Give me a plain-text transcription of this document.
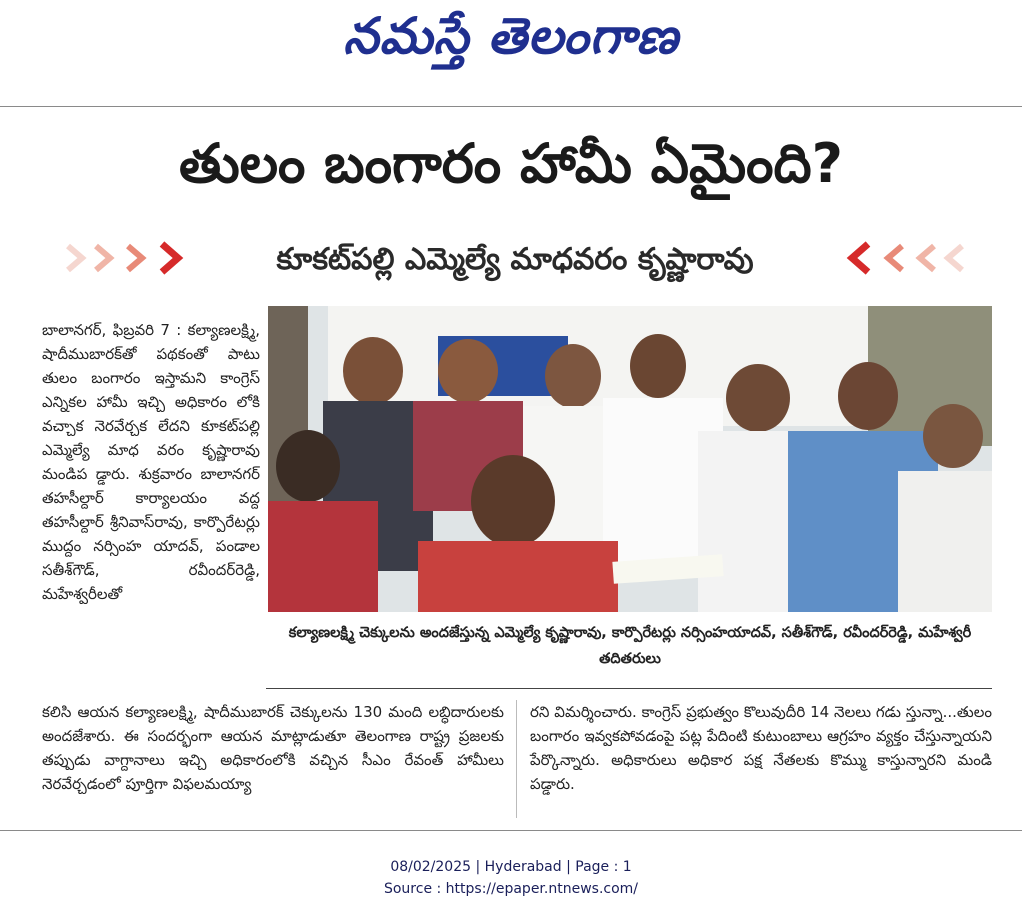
నమస్తే తెలంగాణ
తులం బంగారం హామీ ఏమైంది?
కూకట్‌పల్లి ఎమ్మెల్యే మాధవరం కృష్ణారావు

బాలానగర్, ఫిబ్రవరి 7 : కల్యాణలక్ష్మి, షాదీముబారక్‌తో పథకంతో పాటు తులం బంగారం ఇస్తామని కాంగ్రెస్ ఎన్నికల హామీ ఇచ్చి అధికారం లోకి వచ్చాక నెరవేర్చక లేదని కూకట్‌పల్లి ఎమ్మెల్యే మాధ వరం కృష్ణారావు మండిప డ్డారు. శుక్రవారం బాలానగర్ తహసీల్దార్ కార్యాలయం వద్ద తహసీల్దార్ శ్రీనివాస్‌రావు, కార్పొరేటర్లు ముద్దం నర్సింహ యాదవ్, పండాల సతీశ్‌గౌడ్, రవీందర్‌రెడ్డి, మహేశ్వరీలతో

కల్యాణలక్ష్మి చెక్కులను అందజేస్తున్న ఎమ్మెల్యే కృష్ణారావు, కార్పొరేటర్లు నర్సింహయాదవ్, సతీశ్‌గౌడ్, రవీందర్‌రెడ్డి, మహేశ్వరీ తదితరులు

కలిసి ఆయన కల్యాణలక్ష్మి, షాదీముబారక్ చెక్కులను 130 మంది లబ్ధిదారులకు అందజేశారు. ఈ సందర్భంగా ఆయన మాట్లాడుతూ తెలంగాణ రాష్ట్ర ప్రజలకు తప్పుడు వాగ్దానాలు ఇచ్చి అధికారంలోకి వచ్చిన సీఎం రేవంత్ హామీలు నెరవేర్చడంలో పూర్తిగా విఫలమయ్యా

రని విమర్శించారు. కాంగ్రెస్ ప్రభుత్వం కొలువుదీరి 14 నెలలు గడు స్తున్నా...తులం బంగారం ఇవ్వకపోవడంపై పట్ల పేదింటి కుటుంబాలు ఆగ్రహం వ్యక్తం చేస్తున్నాయని పేర్కొన్నారు. అధికారులు అధికార పక్ష నేతలకు కొమ్ము కాస్తున్నారని మండి పడ్డారు.

08/02/2025 | Hyderabad | Page : 1
Source : https://epaper.ntnews.com/
